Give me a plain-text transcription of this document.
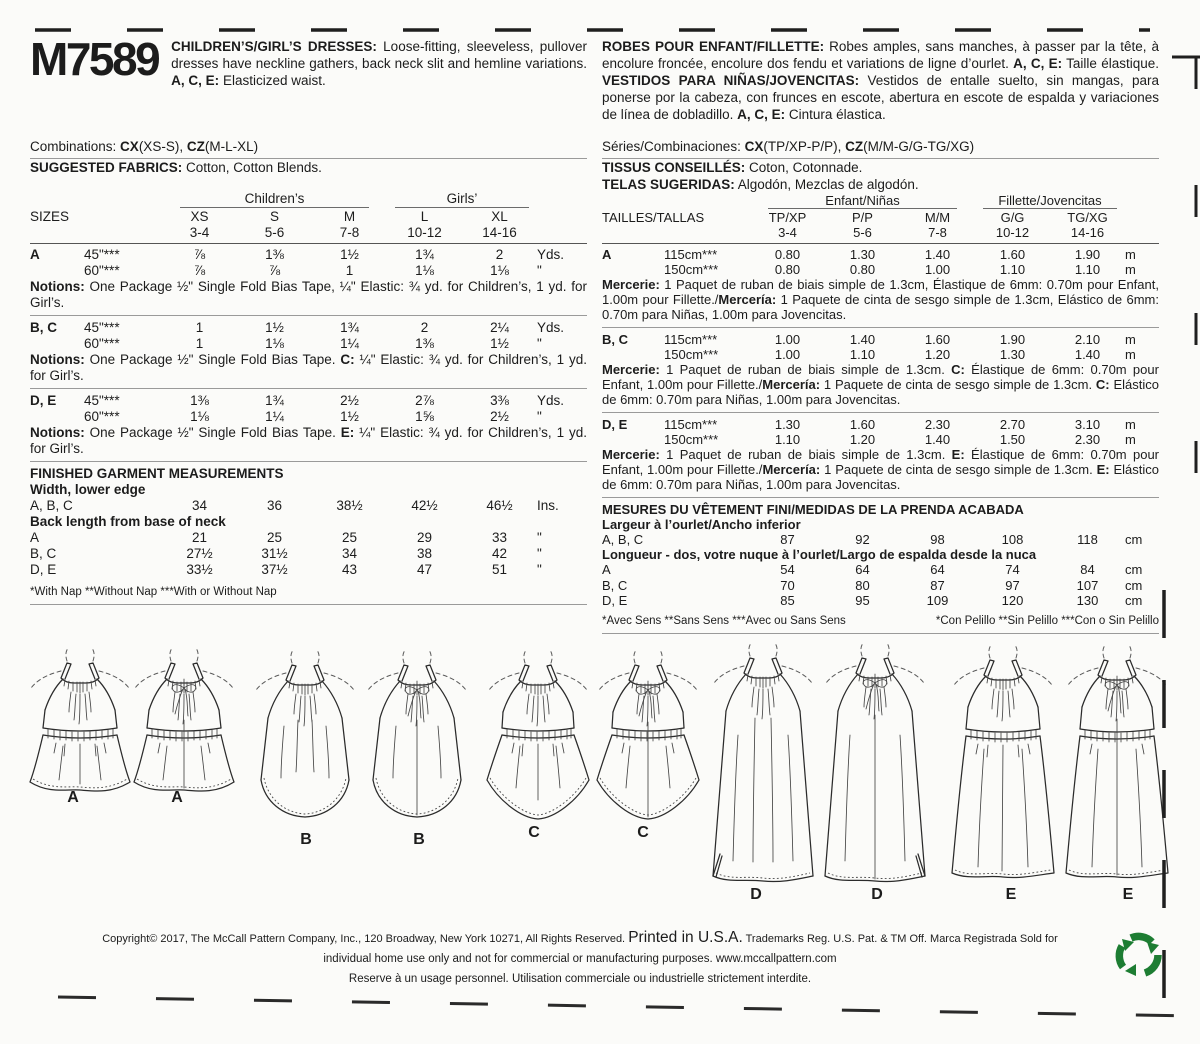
M7589 CHILDREN’S/GIRL’S DRESSES: Loose-fitting, sleeveless, pullover dresses have neckline gathers, back neck slit and hemline variations. A, C, E: Elasticized waist.

Combinations: CX(XS-S), CZ(M-L-XL)

SUGGESTED FABRICS: Cotton, Cotton Blends.

Children’s	Girls’
SIZES	XS	S	M	L	XL
3-4	5-6	7-8	10-12	14-16
A	45"***	⅞	1⅜	1½	1¾	2	Yds.
60"***	⅞	⅞	1	1⅛	1⅛	"

Notions: One Package ½" Single Fold Bias Tape, ¼" Elastic: ¾ yd. for Children’s, 1 yd. for Girl’s.

B, C	45"***	1	1½	1¾	2	2¼	Yds.
60"***	1	1⅛	1¼	1⅜	1½	"

Notions: One Package ½" Single Fold Bias Tape. C: ¼" Elastic: ¾ yd. for Children’s, 1 yd. for Girl’s.

D, E	45"***	1⅜	1¾	2½	2⅞	3⅜	Yds.
60"***	1⅛	1¼	1½	1⅝	2½	"

Notions: One Package ½" Single Fold Bias Tape. E: ¼" Elastic: ¾ yd. for Children’s, 1 yd. for Girl’s.

FINISHED GARMENT MEASUREMENTS
Width, lower edge
A, B, C	34	36	38½	42½	46½	Ins.
Back length from base of neck
A	21	25	25	29	33	"
B, C	27½	31½	34	38	42	"
D, E	33½	37½	43	47	51	"
*With Nap **Without Nap ***With or Without Nap

ROBES POUR ENFANT/FILLETTE: Robes amples, sans manches, à passer par la tête, à encolure froncée, encolure dos fendu et variations de ligne d’ourlet. A, C, E: Taille élastique. VESTIDOS PARA NIÑAS/JOVENCITAS: Vestidos de entalle suelto, sin mangas, para ponerse por la cabeza, con frunces en escote, abertura en escote de espalda y variaciones de línea de dobladillo. A, C, E: Cintura élastica.

Séries/Combinaciones: CX(TP/XP-P/P), CZ(M/M-G/G-TG/XG)

TISSUS CONSEILLÉS: Coton, Cotonnade.

TELAS SUGERIDAS: Algodón, Mezclas de algodón.

Enfant/Niñas	Fillette/Jovencitas
TAILLES/TALLAS	TP/XP	P/P	M/M	G/G	TG/XG
3-4	5-6	7-8	10-12	14-16
A	115cm***	0.80	1.30	1.40	1.60	1.90	m
150cm***	0.80	0.80	1.00	1.10	1.10	m

Mercerie: 1 Paquet de ruban de biais simple de 1.3cm, Élastique de 6mm: 0.70m pour Enfant, 1.00m pour Fillette./Mercería: 1 Paquete de cinta de sesgo simple de 1.3cm, Elástico de 6mm: 0.70m para Niñas, 1.00m para Jovencitas.

B, C	115cm***	1.00	1.40	1.60	1.90	2.10	m
150cm***	1.00	1.10	1.20	1.30	1.40	m

Mercerie: 1 Paquet de ruban de biais simple de 1.3cm. C: Élastique de 6mm: 0.70m pour Enfant, 1.00m pour Fillette./Mercería: 1 Paquete de cinta de sesgo simple de 1.3cm. C: Elástico de 6mm: 0.70m para Niñas, 1.00m para Jovencitas.

D, E	115cm***	1.30	1.60	2.30	2.70	3.10	m
150cm***	1.10	1.20	1.40	1.50	2.30	m

Mercerie: 1 Paquet de ruban de biais simple de 1.3cm. E: Élastique de 6mm: 0.70m pour Enfant, 1.00m pour Fillette./Mercería: 1 Paquete de cinta de sesgo simple de 1.3cm. E: Elástico de 6mm: 0.70m para Niñas, 1.00m para Jovencitas.

MESURES DU VÊTEMENT FINI/MEDIDAS DE LA PRENDA ACABADA
Largeur à l’ourlet/Ancho inferior
A, B, C	87	92	98	108	118	cm
Longueur - dos, votre nuque à l’ourlet/Largo de espalda desde la nuca
A	54	64	64	74	84	cm
B, C	70	80	87	97	107	cm
D, E	85	95	109	120	130	cm
*Avec Sens **Sans Sens ***Avec ou Sans Sens	*Con Pelillo **Sin Pelillo ***Con o Sin Pelillo
A	A
B	B	C	C
D	D	E	E

Copyright© 2017, The McCall Pattern Company, Inc., 120 Broadway, New York 10271, All Rights Reserved. Printed in U.S.A. Trademarks Reg. U.S. Pat. & TM Off. Marca Registrada Sold for

individual home use only and not for commercial or manufacturing purposes. www.mccallpattern.com

Reserve à un usage personnel. Utilisation commerciale ou industrielle strictement interdite.
